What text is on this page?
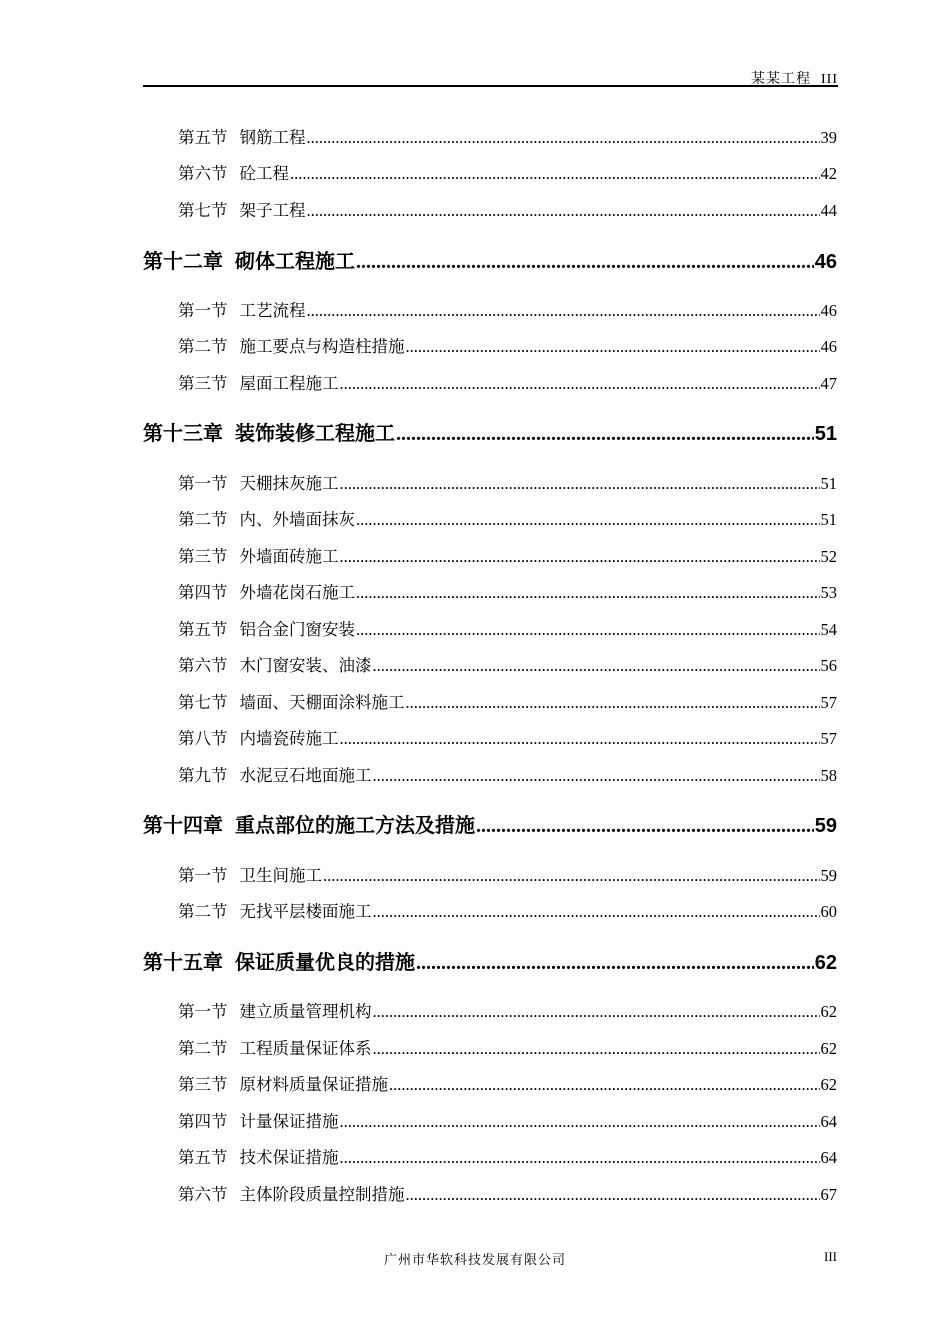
某某工程 III
第五节 钢筋工程 .....	39
第六节 砼工程 .....	42
第七节 架子工程 .....	44
第十二章 砌体工程施工 .....	46
第一节 工艺流程 .....	46
第二节 施工要点与构造柱措施 .....	46
第三节 屋面工程施工 .....	47
第十三章 装饰装修工程施工 .....	51
第一节 天棚抹灰施工 .....	51
第二节 内、外墙面抹灰 .....	51
第三节 外墙面砖施工 .....	52
第四节 外墙花岗石施工 .....	53
第五节 铝合金门窗安装 .....	54
第六节 木门窗安装、油漆 .....	56
第七节 墙面、天棚面涂料施工 .....	57
第八节 内墙瓷砖施工 .....	57
第九节 水泥豆石地面施工 .....	58
第十四章 重点部位的施工方法及措施 .....	59
第一节 卫生间施工 .....	59
第二节 无找平层楼面施工 .....	60
第十五章 保证质量优良的措施 .....	62
第一节 建立质量管理机构 .....	62
第二节 工程质量保证体系 .....	62
第三节 原材料质量保证措施 .....	62
第四节 计量保证措施 .....	64
第五节 技术保证措施 .....	64
第六节 主体阶段质量控制措施 .....	67
广州市华软科技发展有限公司	III
